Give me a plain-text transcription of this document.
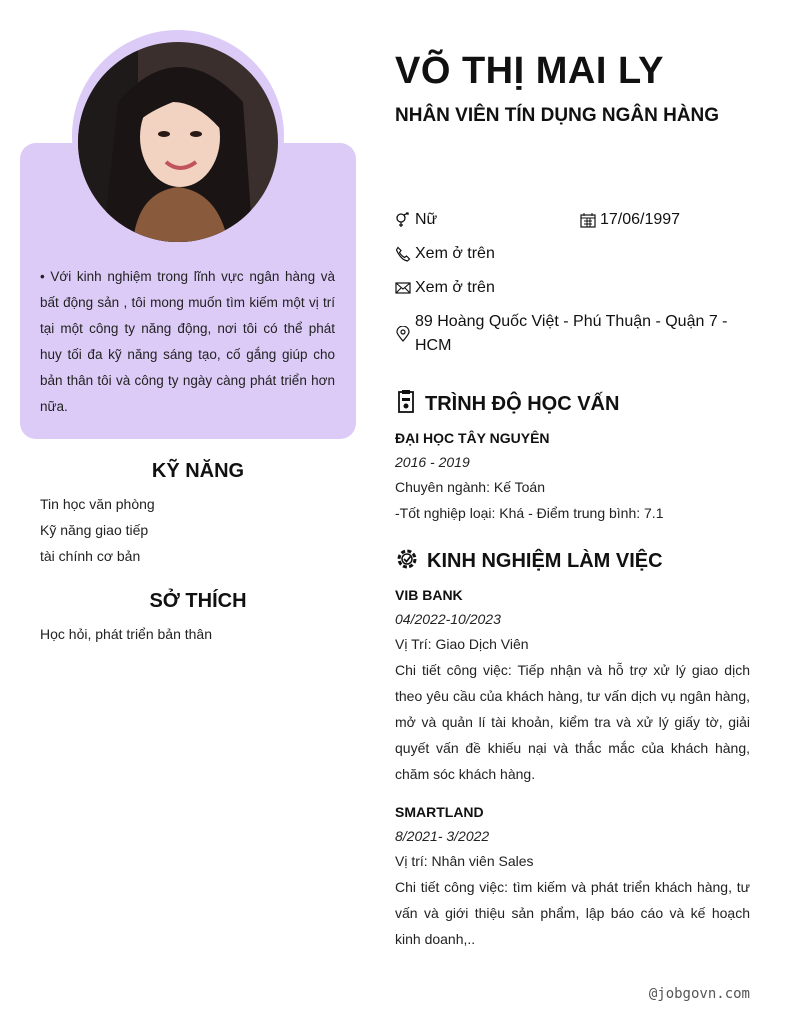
• Với kinh nghiệm trong lĩnh vực ngân hàng và bất động sản , tôi mong muốn tìm kiếm một vị trí tại một công ty năng động, nơi tôi có thể phát huy tối đa kỹ năng sáng tạo, cố gắng giúp cho bản thân tôi và công ty ngày càng phát triển hơn nữa.
KỸ NĂNG
Tin học văn phòng
Kỹ năng giao tiếp
tài chính cơ bản
SỞ THÍCH
Học hỏi, phát triển bản thân
VÕ THỊ MAI LY
NHÂN VIÊN TÍN DỤNG NGÂN HÀNG
Nữ	17/06/1997
Xem ở trên
Xem ở trên
89 Hoàng Quốc Việt - Phú Thuận - Quận 7 - HCM
TRÌNH ĐỘ HỌC VẤN
ĐẠI HỌC TÂY NGUYÊN
2016 - 2019
Chuyên ngành: Kế Toán
-Tốt nghiệp loại: Khá - Điểm trung bình: 7.1
KINH NGHIỆM LÀM VIỆC
VIB BANK
04/2022-10/2023
Vị Trí: Giao Dịch Viên
Chi tiết công việc: Tiếp nhận và hỗ trợ xử lý giao dịch theo yêu cầu của khách hàng, tư vấn dịch vụ ngân hàng, mở và quản lí tài khoản, kiểm tra và xử lý giấy tờ, giải quyết vấn đề khiếu nại và thắc mắc của khách hàng, chăm sóc khách hàng.
SMARTLAND
8/2021- 3/2022
Vị trí: Nhân viên Sales
Chi tiết công việc: tìm kiếm và phát triển khách hàng, tư vấn và giới thiệu sản phẩm, lập báo cáo và kế hoạch kinh doanh,..
@jobgovn.com
